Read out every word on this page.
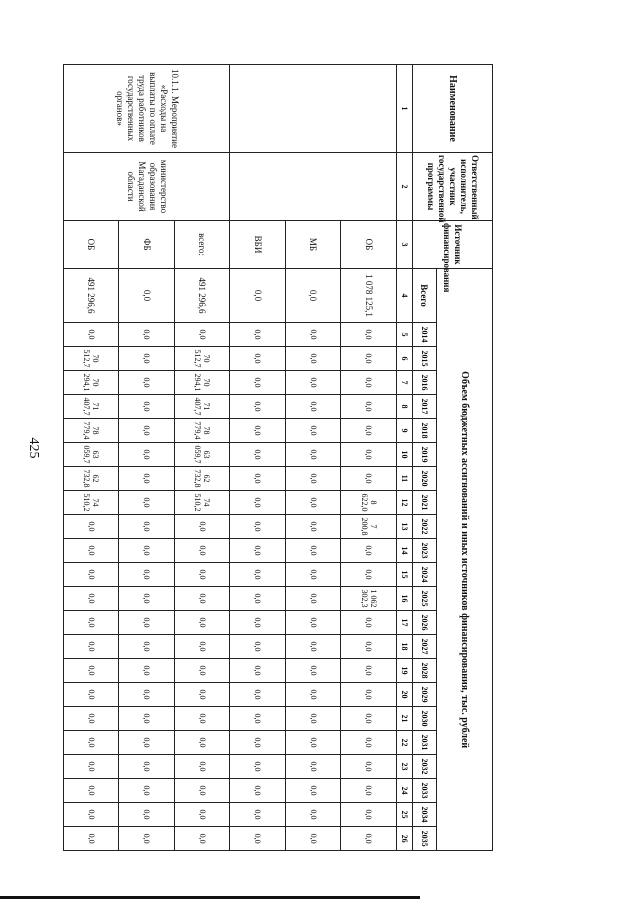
425
Наименование	Ответственный исполнитель, участник государственной программы	Источник финансирования	Объем бюджетных ассигнований и иных источников финансирования, тыс. рублей																						
			Всего	2014	2015	2016	2017	2018	2019	2020	2021	2022	2023	2024	2025	2026	2027	2028	2029	2030	2031	2032	2033	2034	2035
1	2	3	4	5	6	7	8	9	10	11	12	13	14	15	16	17	18	19	20	21	22	23	24	25	26
		ОБ	1 078 125,1	0,0	0,0	0,0	0,0	0,0	0,0	0,0	8 622,0	7 200,8	0,0	0,0	1 062 302,3	0,0	0,0	0,0	0,0	0,0	0,0	0,0	0,0	0,0	0,0
		МБ	0,0	0,0	0,0	0,0	0,0	0,0	0,0	0,0	0,0	0,0	0,0	0,0	0,0	0,0	0,0	0,0	0,0	0,0	0,0	0,0	0,0	0,0	0,0
		ВБИ	0,0	0,0	0,0	0,0	0,0	0,0	0,0	0,0	0,0	0,0	0,0	0,0	0,0	0,0	0,0	0,0	0,0	0,0	0,0	0,0	0,0	0,0	0,0
10.1.1. Мероприятие «Расходы на выплаты по оплате труда работников государственных органов»	министерство образования Магаданской области	всего:	491 296,6	0,0	70 512,7	70 294,1	71 407,7	78 779,4	63 059,7	62 732,8	74 510,2	0,0	0,0	0,0	0,0	0,0	0,0	0,0	0,0	0,0	0,0	0,0	0,0	0,0	0,0
		ФБ	0,0	0,0	0,0	0,0	0,0	0,0	0,0	0,0	0,0	0,0	0,0	0,0	0,0	0,0	0,0	0,0	0,0	0,0	0,0	0,0	0,0	0,0	0,0
		ОБ	491 296,6	0,0	70 512,7	70 294,1	71 407,7	78 779,4	63 059,7	62 732,8	74 510,2	0,0	0,0	0,0	0,0	0,0	0,0	0,0	0,0	0,0	0,0	0,0	0,0	0,0	0,0
